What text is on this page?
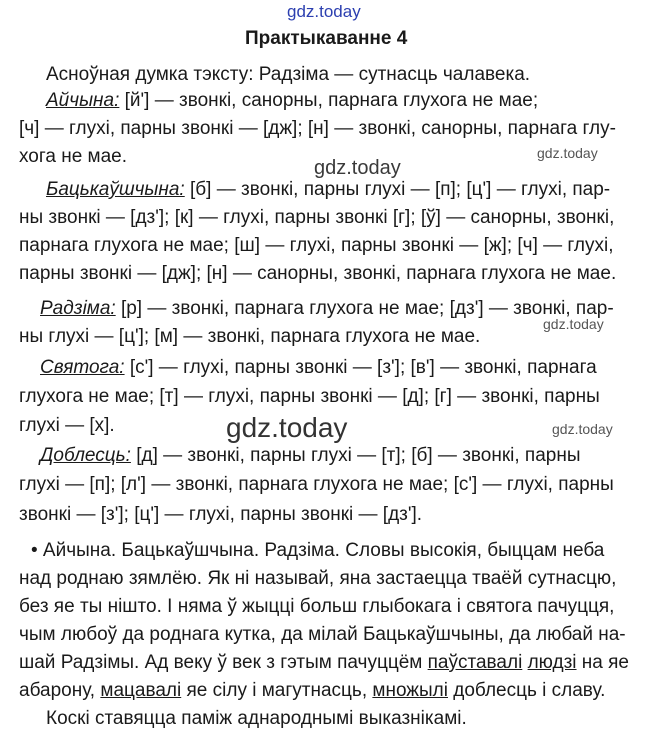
gdz.today
gdz.today
gdz.today
gdz.today
gdz.today	gdz.today
Практыкаванне 4
Асноўная думка тэксту: Радзіма — сутнасць чалавека.
Айчына: [й'] — звонкі, санорны, парнага глухога не мае;
[ч] — глухі, парны звонкі — [дж]; [н] — звонкі, санорны, парнага глу-
хога не мае.
Бацькаўшчына: [б] — звонкі, парны глухі — [п]; [ц'] — глухі, пар-
ны звонкі — [дз']; [к] — глухі, парны звонкі [г]; [ў] — санорны, звонкі,
парнага глухога не мае; [ш] — глухі, парны звонкі — [ж]; [ч] — глухі,
парны звонкі — [дж]; [н] — санорны, звонкі, парнага глухога не мае.
Радзіма: [р] — звонкі, парнага глухога не мае; [дз'] — звонкі, пар-
ны глухі — [ц']; [м] — звонкі, парнага глухога не мае.
Святога: [с'] — глухі, парны звонкі — [з']; [в'] — звонкі, парнага
глухога не мае; [т] — глухі, парны звонкі — [д]; [г] — звонкі, парны
глухі — [х].
Доблесць: [д] — звонкі, парны глухі — [т]; [б] — звонкі, парны
глухі — [п]; [л'] — звонкі, парнага глухога не мае; [с'] — глухі, парны
звонкі — [з']; [ц'] — глухі, парны звонкі — [дз'].
• Айчына. Бацькаўшчына. Радзіма. Словы высокія, быццам неба
над роднаю зямлёю. Як ні называй, яна застаецца тваёй сутнасцю,
без яе ты нішто. І няма ў жыцці больш глыбокага і святога пачуцця,
чым любоў да роднага кутка, да мілай Бацькаўшчыны, да любай на-
шай Радзімы. Ад веку ў век з гэтым пачуццём паўставалі людзі на яе
абарону, мацавалі яе сілу і магутнасць, множылі доблесць і славу.
Коскі ставяцца паміж аднароднымі выказнікамі.
